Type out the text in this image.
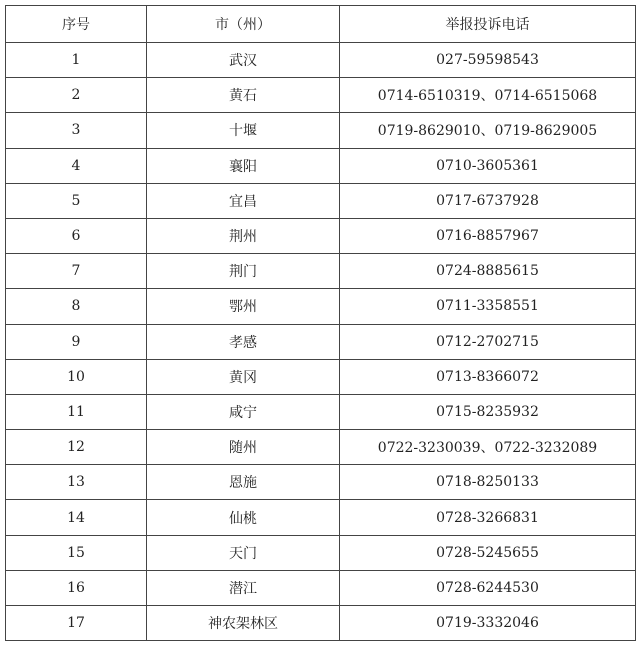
序号	市（州）	举报投诉电话
1	武汉	027-59598543
2	黄石	0714-6510319、0714-6515068
3	十堰	0719-8629010、0719-8629005
4	襄阳	0710-3605361
5	宜昌	0717-6737928
6	荆州	0716-8857967
7	荆门	0724-8885615
8	鄂州	0711-3358551
9	孝感	0712-2702715
10	黄冈	0713-8366072
11	咸宁	0715-8235932
12	随州	0722-3230039、0722-3232089
13	恩施	0718-8250133
14	仙桃	0728-3266831
15	天门	0728-5245655
16	潜江	0728-6244530
17	神农架林区	0719-3332046
